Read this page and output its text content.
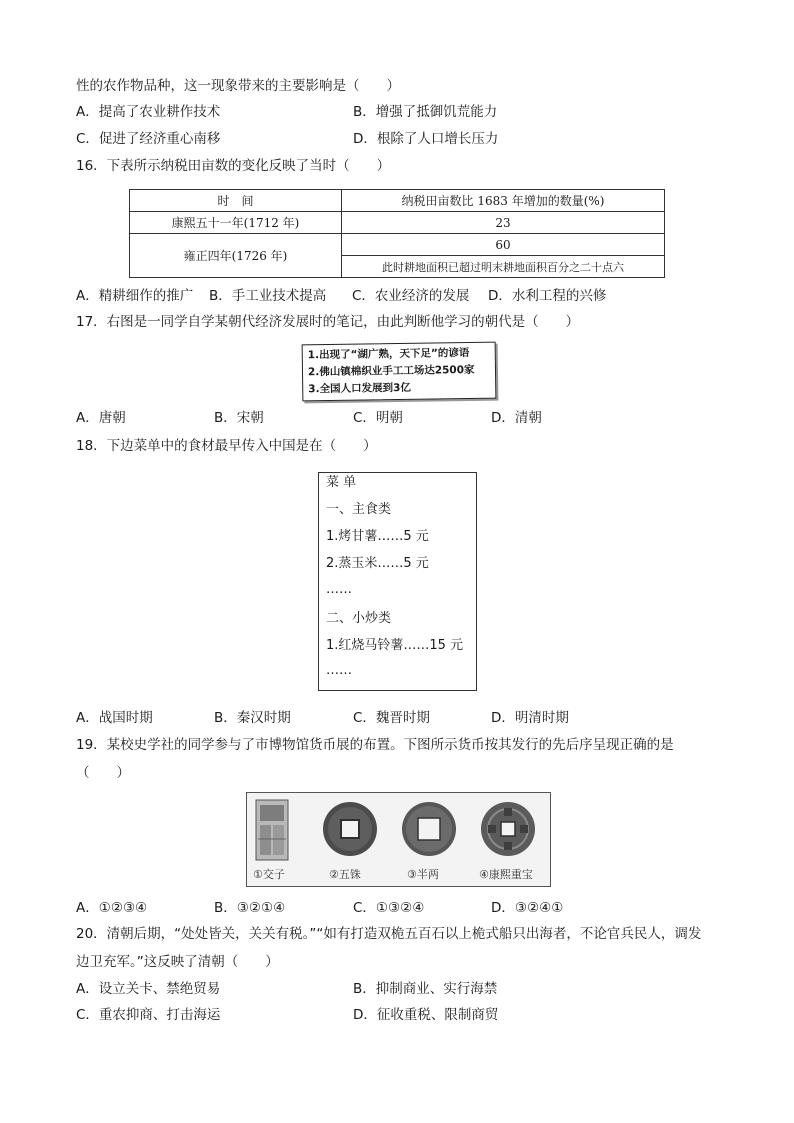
性的农作物品种，这一现象带来的主要影响是（　　）
A．提高了农业耕作技术	B．增强了抵御饥荒能力
C．促进了经济重心南移	D．根除了人口增长压力
16．下表所示纳税田亩数的变化反映了当时（　　）
时　间	纳税田亩数比 1683 年增加的数量(%)
康熙五十一年(1712 年)	23
雍正四年(1726 年)	60
	此时耕地面积已超过明末耕地面积百分之二十点六
A．精耕细作的推广 B．手工业技术提高 C．农业经济的发展 D．水利工程的兴修
17．右图是一同学自学某朝代经济发展时的笔记，由此判断他学习的朝代是（　　）
1.出现了“湖广熟，天下足”的谚语
2.佛山镇棉织业手工工场达2500家
3.全国人口发展到3亿
A．唐朝	B．宋朝	C．明朝	D．清朝
18．下边菜单中的食材最早传入中国是在（　　）
菜 单
一、主食类
1.烤甘薯……5 元
2.蒸玉米……5 元
……
二、小炒类
1.红烧马铃薯……15 元
……
A．战国时期	B．秦汉时期	C．魏晋时期	D．明清时期
19．某校史学社的同学参与了市博物馆货币展的布置。下图所示货币按其发行的先后序呈现正确的是
（　　）
①交子	②五铢	③半两	④康熙重宝
A．①②③④	B．③②①④	C．①③②④	D．③②④①
20．清朝后期，“处处皆关，关关有税。”“如有打造双桅五百石以上桅式船只出海者，不论官兵民人，调发
边卫充军。”这反映了清朝（　　）
A．设立关卡、禁绝贸易	B．抑制商业、实行海禁
C．重农抑商、打击海运	D．征收重税、限制商贸
